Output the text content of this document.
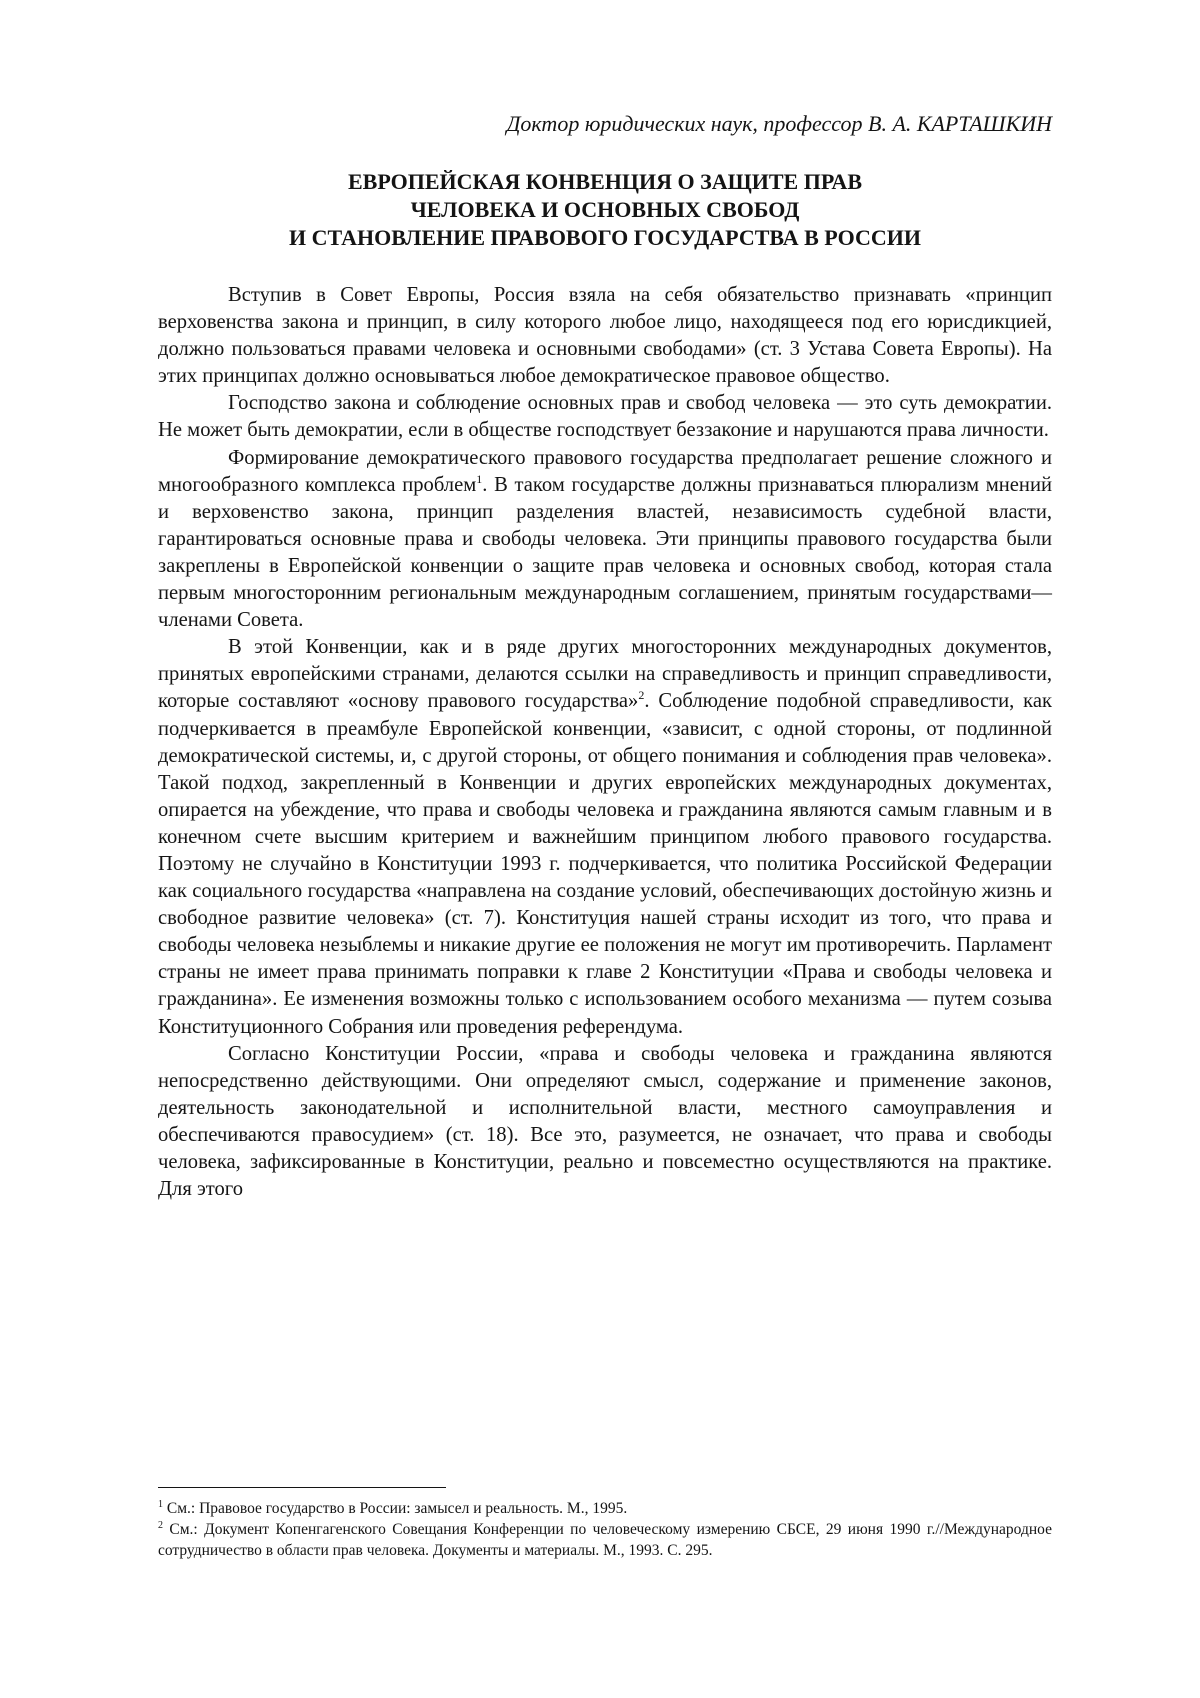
Доктор юридических наук, профессор В. А. КАРТАШКИН
ЕВРОПЕЙСКАЯ КОНВЕНЦИЯ О ЗАЩИТЕ ПРАВ
ЧЕЛОВЕКА И ОСНОВНЫХ СВОБОД
И СТАНОВЛЕНИЕ ПРАВОВОГО ГОСУДАРСТВА В РОССИИ

Вступив в Совет Европы, Россия взяла на себя обязательство признавать «принцип верховенства закона и принцип, в силу которого любое лицо, находящееся под его юрисдикцией, должно пользоваться правами человека и основными свободами» (ст. 3 Устава Совета Европы). На этих принципах должно основываться любое демократическое правовое общество.

Господство закона и соблюдение основных прав и свобод человека — это суть демократии. Не может быть демократии, если в обществе господствует беззаконие и нарушаются права личности.

Формирование демократического правового государства предполагает решение сложного и многообразного комплекса проблем$^1$. В таком государстве должны признаваться плюрализм мнений и верховенство закона, принцип разделения властей, независимость судебной власти, гарантироваться основные права и свободы человека. Эти принципы правового государства были закреплены в Европейской конвенции о защите прав человека и основных свобод, которая стала первым многосторонним региональным международным соглашением, принятым государствами—членами Совета.

В этой Конвенции, как и в ряде других многосторонних международных документов, принятых европейскими странами, делаются ссылки на справедливость и принцип справедливости, которые составляют «основу правового государства»$^2$. Соблюдение подобной справедливости, как подчеркивается в преамбуле Европейской конвенции, «зависит, с одной стороны, от подлинной демократической системы, и, с другой стороны, от общего понимания и соблюдения прав человека». Такой подход, закрепленный в Конвенции и других европейских международных документах, опирается на убеждение, что права и свободы человека и гражданина являются самым главным и в конечном счете высшим критерием и важнейшим принципом любого правового государства. Поэтому не случайно в Конституции 1993 г. подчеркивается, что политика Российской Федерации как социального государства «направлена на создание условий, обеспечивающих достойную жизнь и свободное развитие человека» (ст. 7). Конституция нашей страны исходит из того, что права и свободы человека незыблемы и никакие другие ее положения не могут им противоречить. Парламент страны не имеет права принимать поправки к главе 2 Конституции «Права и свободы человека и гражданина». Ее изменения возможны только с использованием особого механизма — путем созыва Конституционного Собрания или проведения референдума.

Согласно Конституции России, «права и свободы человека и гражданина являются непосредственно действующими. Они определяют смысл, содержание и применение законов, деятельность законодательной и исполнительной власти, местного самоуправления и обеспечиваются правосудием» (ст. 18). Все это, разумеется, не означает, что права и свободы человека, зафиксированные в Конституции, реально и повсеместно осуществляются на практике. Для этого

$^1$ См.: Правовое государство в России: замысел и реальность. М., 1995.

$^2$ См.: Документ Копенгагенского Совещания Конференции по человеческому измерению СБСЕ, 29 июня 1990 г.//Международное сотрудничество в области прав человека. Документы и материалы. М., 1993. С. 295.
